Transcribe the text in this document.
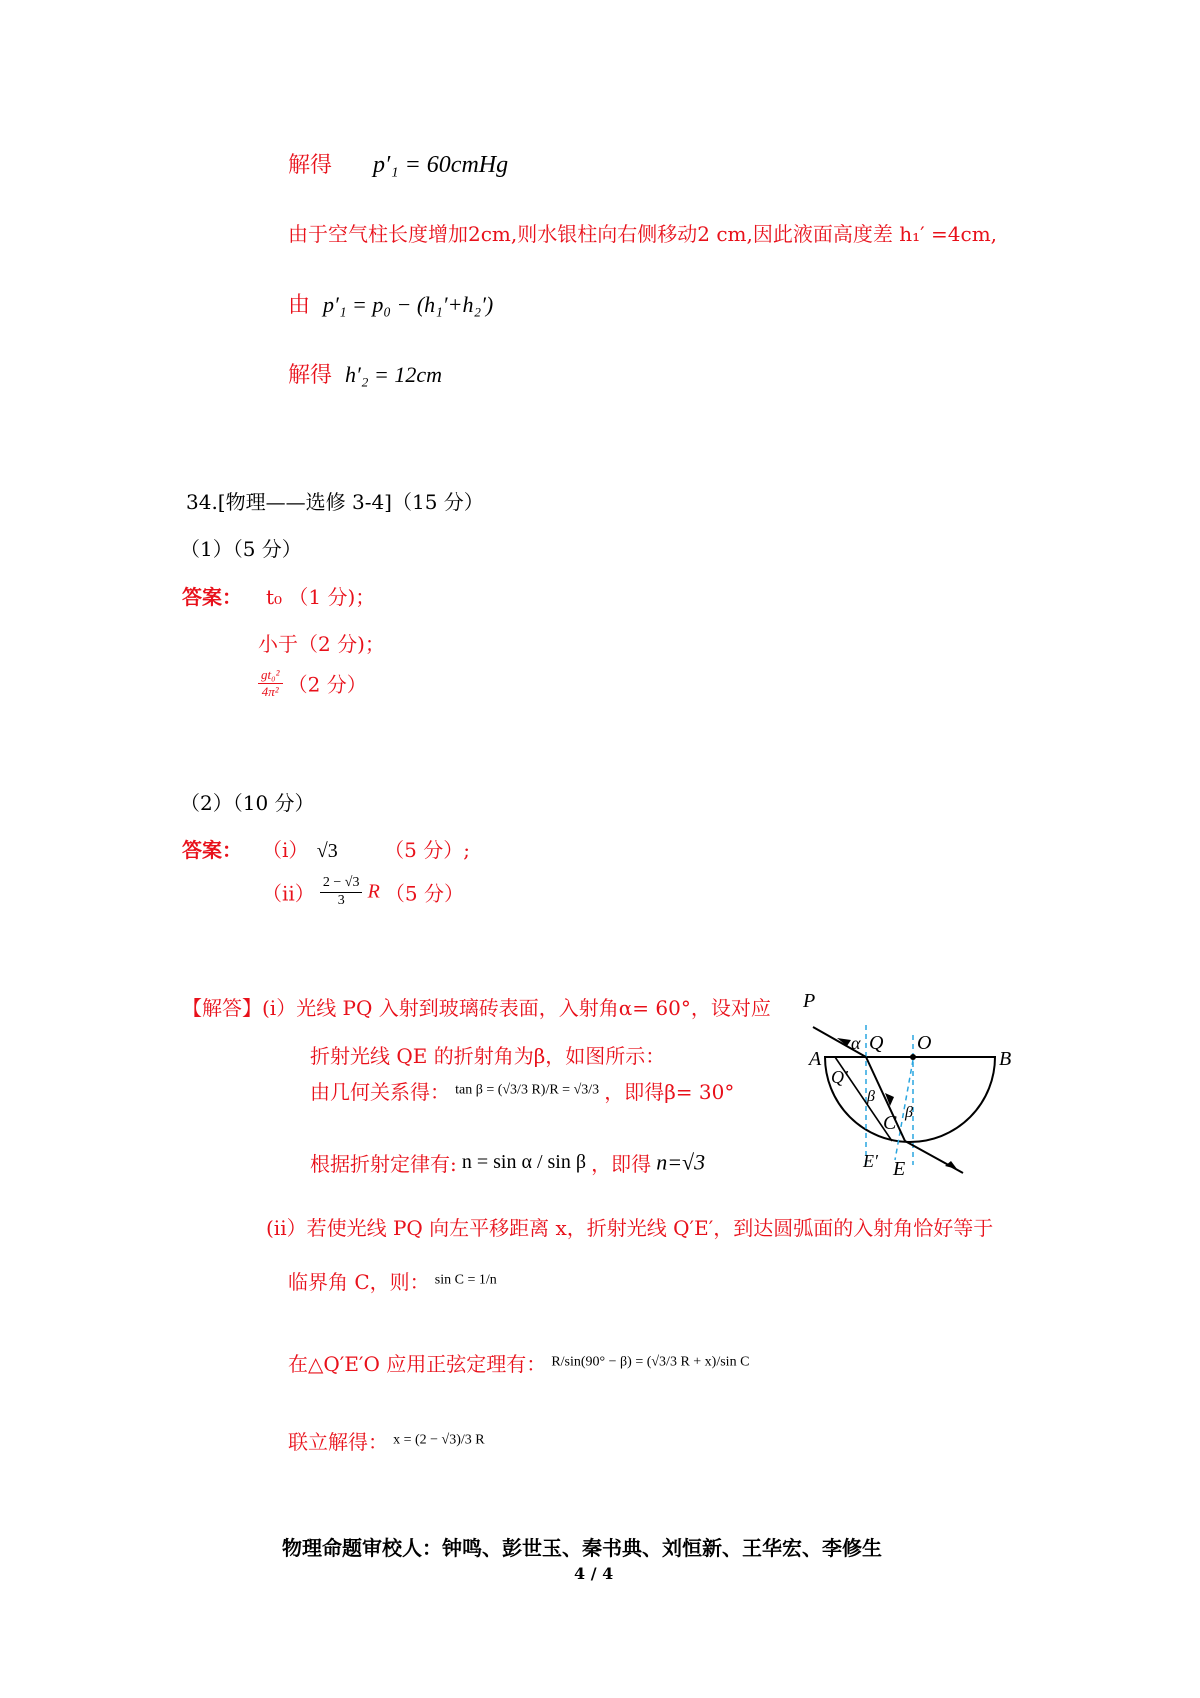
解得 p′₁ = 60cmHg
由于空气柱长度增加2cm,则水银柱向右侧移动2 cm,因此液面高度差 h₁′ =4cm,
由 p′₁ = p₀ − (h₁′+h₂′)
解得 h′₂ = 12cm
34.[物理——选修 3-4]（15 分）
（1）（5 分）
答案： t₀ （1 分)；
小于（2 分)；
$\frac{\text{gt₀²}}{\text{4π²}} (2$ 分）
（2）（10 分）
答案： （i） √3 （5 分）;
$(ii) \frac{2 - √3}{3}$ R （5 分）
【解答】(i）光线 PQ 入射到玻璃砖表面，入射角α= 60°，设对应
折射光线 QE 的折射角为β，如图所示：
由几何关系得： tan β = (√3/3 R)/R = √3/3 ，即得β= 30°
根据折射定律有: n = sin α / sin β ，即得 n=√3
(ii）若使光线 PQ 向左平移距离 x，折射光线 Q′E′，到达圆弧面的入射角恰好等于
临界角 C，则： sin C = 1/n
在△Q′E′O 应用正弦定理有： R/sin(90° − β) = (√3/3 R + x)/sin C
联立解得： x = (2 − √3)/3 R
P
α Q O
A	B
Q′
β
β
C
E′ E
物理命题审校人：钟鸣、彭世玉、秦书典、刘恒新、王华宏、李修生
4 / 4
